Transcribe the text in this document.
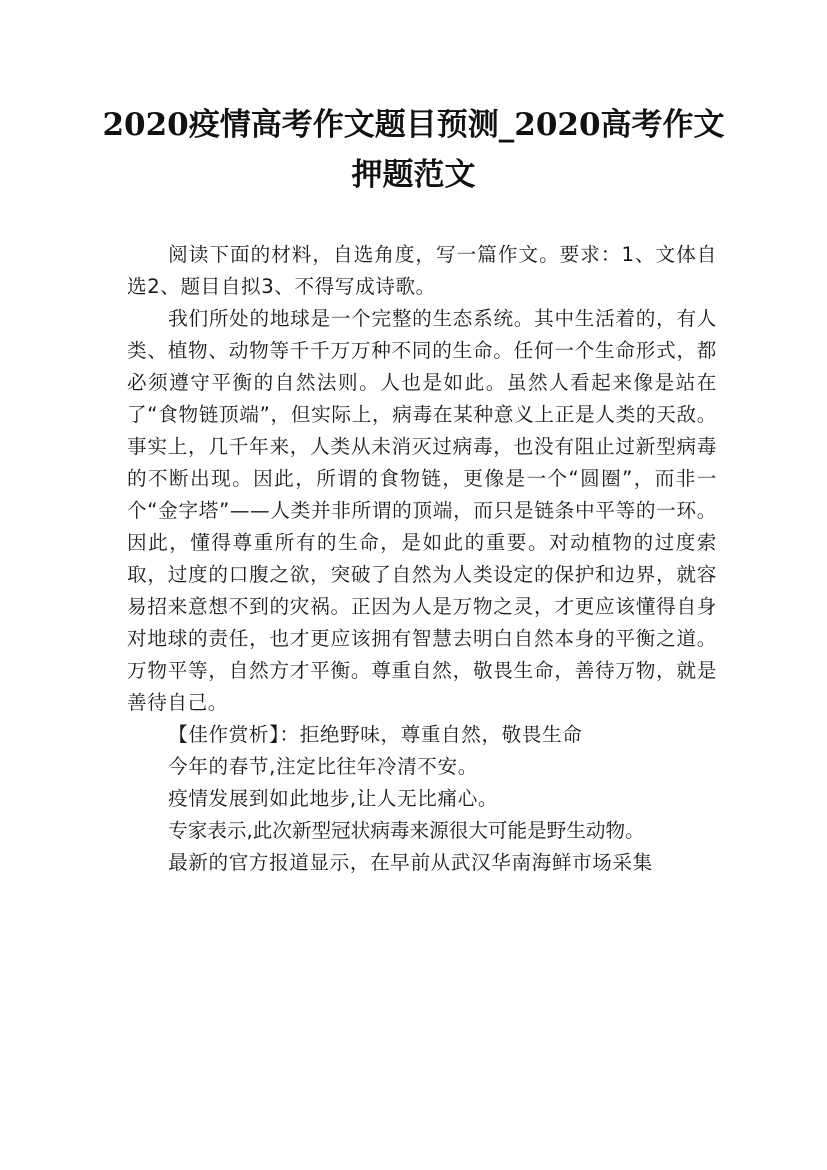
2020疫情高考作文题目预测_2020高考作文
押题范文

阅读下面的材料，自选角度，写一篇作文。要求：1、文体自选2、题目自拟3、不得写成诗歌。

我们所处的地球是一个完整的生态系统。其中生活着的，有人类、植物、动物等千千万万种不同的生命。任何一个生命形式，都必须遵守平衡的自然法则。人也是如此。虽然人看起来像是站在了“食物链顶端”，但实际上，病毒在某种意义上正是人类的天敌。事实上，几千年来，人类从未消灭过病毒，也没有阻止过新型病毒的不断出现。因此，所谓的食物链，更像是一个“圆圈”，而非一个“金字塔”——人类并非所谓的顶端，而只是链条中平等的一环。因此，懂得尊重所有的生命，是如此的重要。对动植物的过度索取，过度的口腹之欲，突破了自然为人类设定的保护和边界，就容易招来意想不到的灾祸。正因为人是万物之灵，才更应该懂得自身对地球的责任，也才更应该拥有智慧去明白自然本身的平衡之道。万物平等，自然方才平衡。尊重自然，敬畏生命，善待万物，就是善待自己。

【佳作赏析】：拒绝野味，尊重自然，敬畏生命

今年的春节,注定比往年冷清不安。

疫情发展到如此地步,让人无比痛心。

专家表示,此次新型冠状病毒来源很大可能是野生动物。

最新的官方报道显示，在早前从武汉华南海鲜市场采集
